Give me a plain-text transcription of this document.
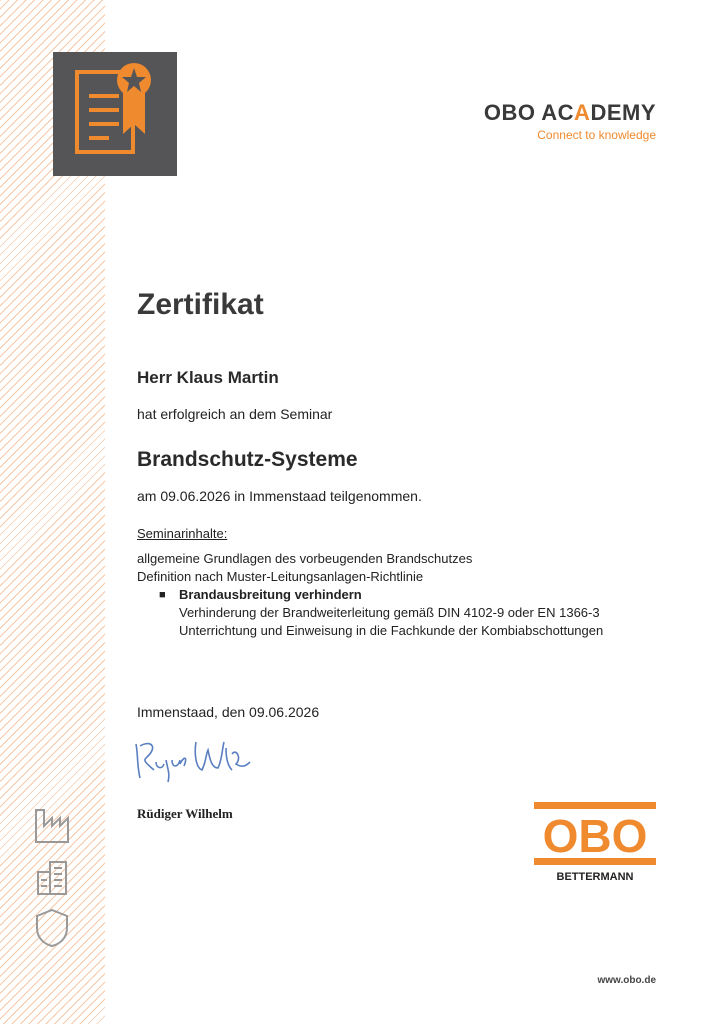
OBO ACADEMY
Connect to knowledge
Zertifikat
Herr Klaus Martin
hat erfolgreich an dem Seminar
Brandschutz-Systeme
am 09.06.2026 in Immenstaad teilgenommen.
Seminarinhalte:
allgemeine Grundlagen des vorbeugenden Brandschutzes
Definition nach Muster-Leitungsanlagen-Richtlinie
■ Brandausbreitung verhindern
Verhinderung der Brandweiterleitung gemäß DIN 4102-9 oder EN 1366-3 Unterrichtung und Einweisung in die Fachkunde der Kombiabschottungen
Immenstaad, den 09.06.2026
Rüdiger Wilhelm	OBO
BETTERMANN
www.obo.de
